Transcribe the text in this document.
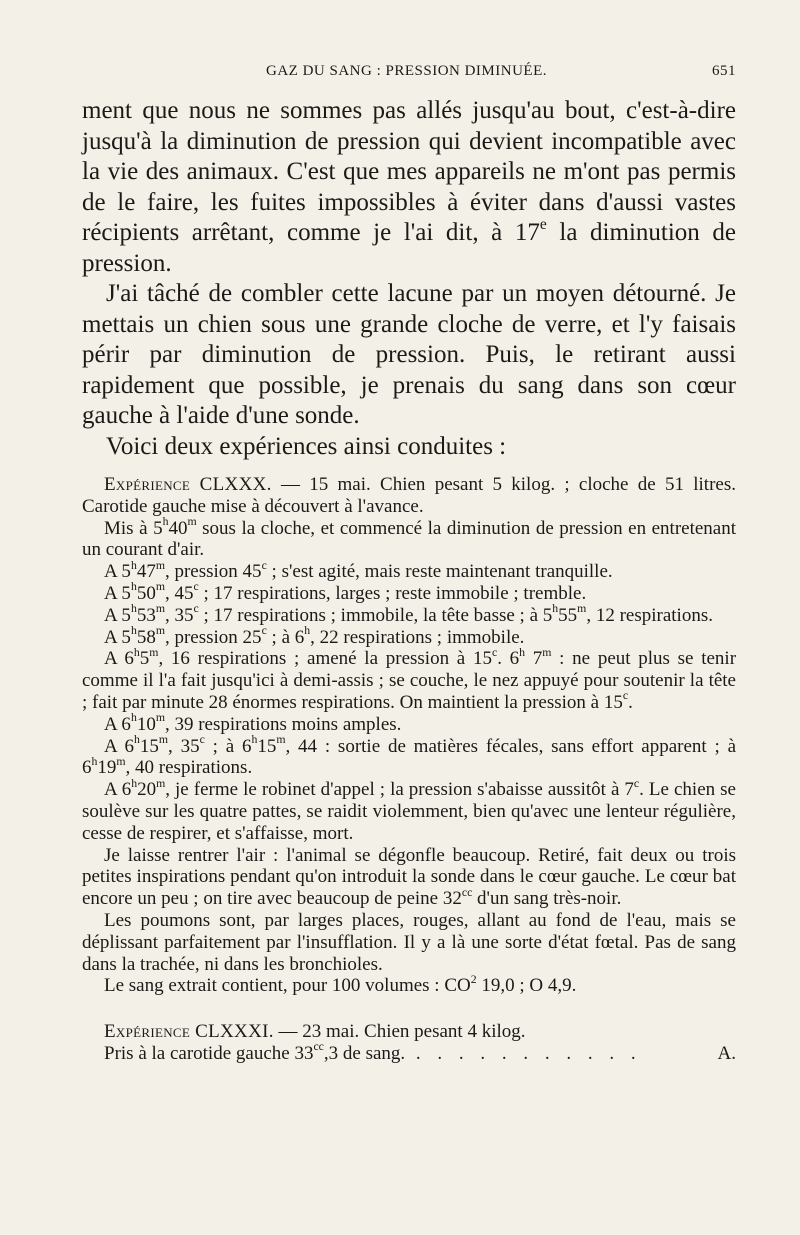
GAZ DU SANG : PRESSION DIMINUÉE.	651

ment que nous ne sommes pas allés jusqu'au bout, c'est-à-dire jusqu'à la diminution de pression qui devient incompatible avec la vie des animaux. C'est que mes appareils ne m'ont pas permis de le faire, les fuites impossibles à éviter dans d'aussi vastes récipients arrêtant, comme je l'ai dit, à 17e la diminution de pression.

J'ai tâché de combler cette lacune par un moyen détourné. Je mettais un chien sous une grande cloche de verre, et l'y faisais périr par diminution de pression. Puis, le retirant aussi rapidement que possible, je prenais du sang dans son cœur gauche à l'aide d'une sonde.

Voici deux expériences ainsi conduites :

Expérience CLXXX. — 15 mai. Chien pesant 5 kilog. ; cloche de 51 litres. Carotide gauche mise à découvert à l'avance.

Mis à 5$^h$40$^m$ sous la cloche, et commencé la diminution de pression en entretenant un courant d'air.

A 5$^h$47$^m$, pression 45$^c$ ; s'est agité, mais reste maintenant tranquille.

A 5$^h$50$^m$, 45$^c$ ; 17 respirations, larges ; reste immobile ; tremble.

A 5$^h$53$^m$, 35$^c$ ; 17 respirations ; immobile, la tête basse ; à 5$^h$55$^m$, 12 respirations.

A 5$^h$58$^m$, pression 25$^c$ ; à 6$^h$, 22 respirations ; immobile.

A 6$^h$5$^m$, 16 respirations ; amené la pression à 15$^c$. 6$^h$ 7$^m$ : ne peut plus se tenir comme il l'a fait jusqu'ici à demi-assis ; se couche, le nez appuyé pour soutenir la tête ; fait par minute 28 énormes respirations. On maintient la pression à 15$^c$.

A 6$^h$10$^m$, 39 respirations moins amples.

A 6$^h$15$^m$, 35$^c$ ; à 6$^h$15$^m$, 44 : sortie de matières fécales, sans effort apparent ; à 6$^h$19$^m$, 40 respirations.

A 6$^h$20$^m$, je ferme le robinet d'appel ; la pression s'abaisse aussitôt à 7$^c$. Le chien se soulève sur les quatre pattes, se raidit violemment, bien qu'avec une lenteur régulière, cesse de respirer, et s'affaisse, mort.

Je laisse rentrer l'air : l'animal se dégonfle beaucoup. Retiré, fait deux ou trois petites inspirations pendant qu'on introduit la sonde dans le cœur gauche. Le cœur bat encore un peu ; on tire avec beaucoup de peine $32^{cc}$ d'un sang très-noir.

Les poumons sont, par larges places, rouges, allant au fond de l'eau, mais se déplissant parfaitement par l'insufflation. Il y a là une sorte d'état fœtal. Pas de sang dans la trachée, ni dans les bronchioles.

Le sang extrait contient, pour 100 volumes : $CO^2$ 19,0 ; O 4,9.

Expérience CLXXXI. — 23 mai. Chien pesant 4 kilog.

A.
Pris à la carotide gauche $33^{cc},3$ de sang. . . . . . . . . . . .
